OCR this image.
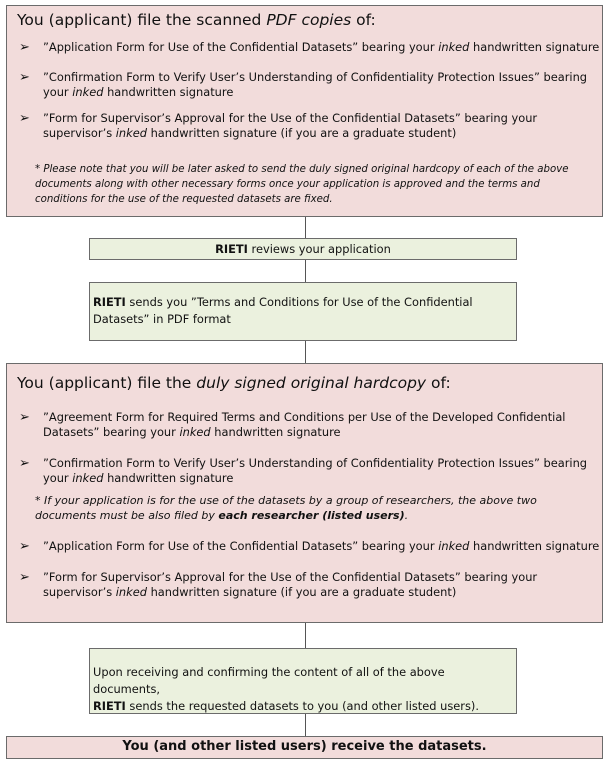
You (applicant) file the scanned PDF copies of:
➢	”Application Form for Use of the Confidential Datasets” bearing your inked handwritten signature
➢	”Confirmation Form to Verify User’s Understanding of Confidentiality Protection Issues” bearing your inked handwritten signature
➢	”Form for Supervisor’s Approval for the Use of the Confidential Datasets” bearing your supervisor’s inked handwritten signature (if you are a graduate student)
* Please note that you will be later asked to send the duly signed original hardcopy of each of the above documents along with other necessary forms once your application is approved and the terms and conditions for the use of the requested datasets are fixed.
RIETI reviews your application
RIETI sends you ”Terms and Conditions for Use of the Confidential Datasets” in PDF format
You (applicant) file the duly signed original hardcopy of:
➢	”Agreement Form for Required Terms and Conditions per Use of the Developed Confidential Datasets” bearing your inked handwritten signature
➢	”Confirmation Form to Verify User’s Understanding of Confidentiality Protection Issues” bearing your inked handwritten signature
* If your application is for the use of the datasets by a group of researchers, the above two documents must be also filed by each researcher (listed users).
➢	”Application Form for Use of the Confidential Datasets” bearing your inked handwritten signature
➢	”Form for Supervisor’s Approval for the Use of the Confidential Datasets” bearing your supervisor’s inked handwritten signature (if you are a graduate student)
Upon receiving and confirming the content of all of the above documents,
RIETI sends the requested datasets to you (and other listed users).
You (and other listed users) receive the datasets.
